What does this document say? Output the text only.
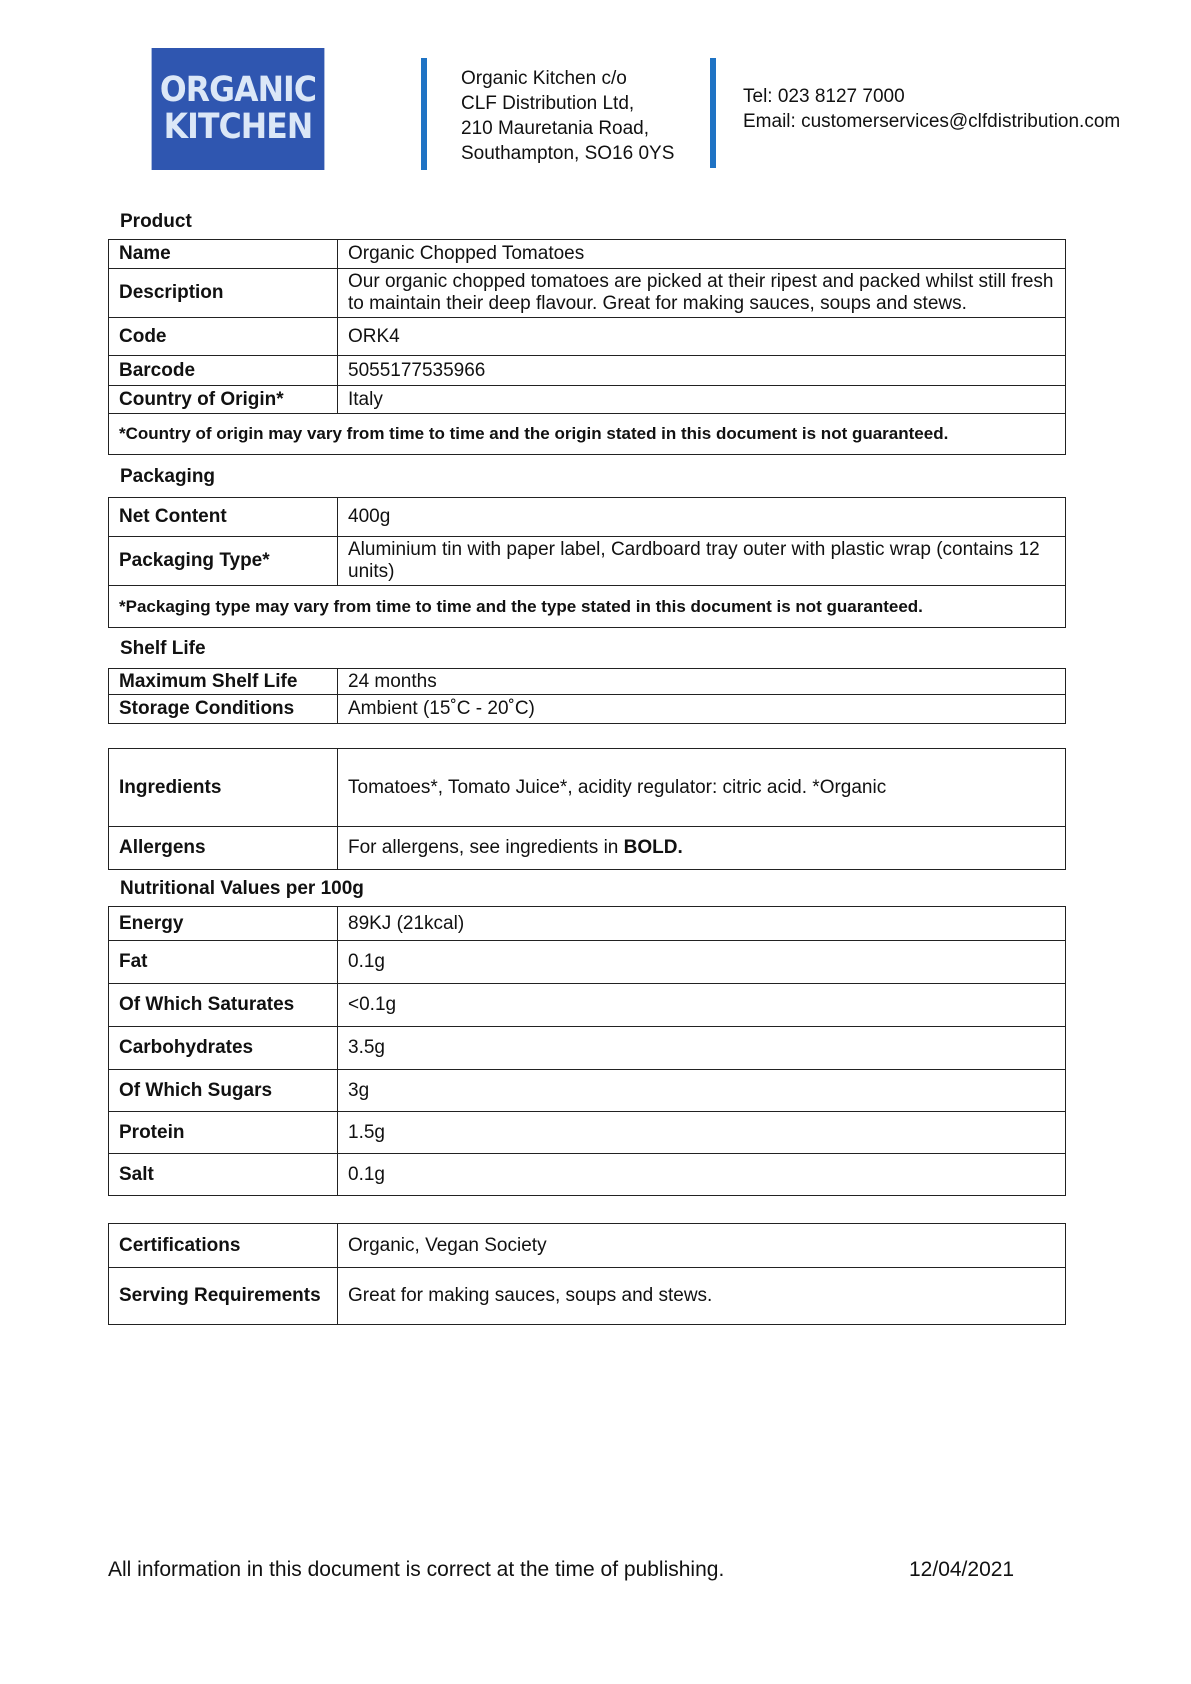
ORGANIC
KITCHEN
Organic Kitchen c/o
CLF Distribution Ltd,
210 Mauretania Road,
Southampton, SO16 0YS
Tel: 023 8127 7000
Email: customerservices@clfdistribution.com
Product
Name	Organic Chopped Tomatoes
Description	Our organic chopped tomatoes are picked at their ripest and packed whilst still fresh to maintain their deep flavour. Great for making sauces, soups and stews.
Code	ORK4
Barcode	5055177535966
Country of Origin*	Italy
*Country of origin may vary from time to time and the origin stated in this document is not guaranteed.	
Packaging
Net Content	400g
Packaging Type*	Aluminium tin with paper label, Cardboard tray outer with plastic wrap (contains 12 units)
*Packaging type may vary from time to time and the type stated in this document is not guaranteed.	
Shelf Life
Maximum Shelf Life	24 months
Storage Conditions	Ambient (15˚C - 20˚C)
Ingredients	Tomatoes*, Tomato Juice*, acidity regulator: citric acid. *Organic
Allergens	For allergens, see ingredients in BOLD.
Nutritional Values per 100g
Energy	89KJ (21kcal)
Fat	0.1g
Of Which Saturates	<0.1g
Carbohydrates	3.5g
Of Which Sugars	3g
Protein	1.5g
Salt	0.1g
Certifications	Organic, Vegan Society
Serving Requirements	Great for making sauces, soups and stews.
All information in this document is correct at the time of publishing.	12/04/2021
